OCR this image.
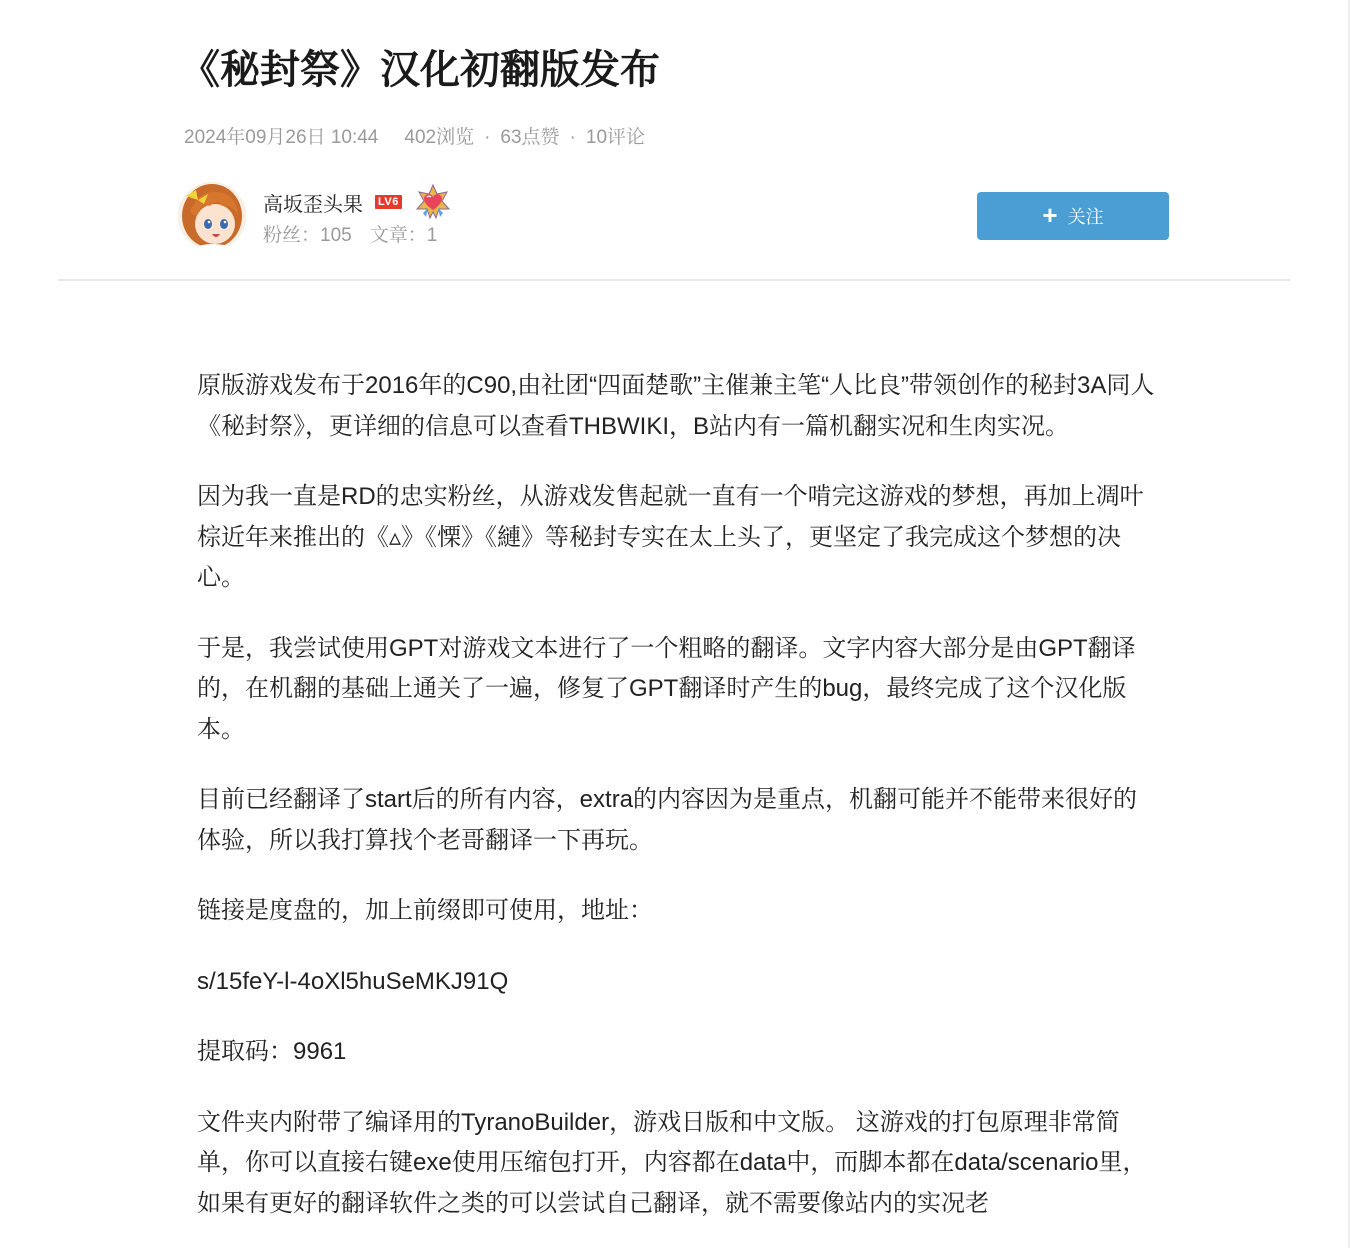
《秘封祭》汉化初翻版发布
2024年09月26日 10:44 402浏览 · 63点赞 · 10评论
高坂歪头果 LV6
粉丝：105 文章：1
+ 关注

原版游戏发布于2016年的C90,由社团“四面楚歌”主催兼主笔“人比良”带领创作的秘封3A同人《秘封祭》，更详细的信息可以查看THBWIKI，B站内有一篇机翻实况和生肉实况。

因为我一直是RD的忠实粉丝，从游戏发售起就一直有一个啃完这游戏的梦想，再加上凋叶棕近年来推出的《▵》《慄》《縺》等秘封专实在太上头了，更坚定了我完成这个梦想的决心。

于是，我尝试使用GPT对游戏文本进行了一个粗略的翻译。文字内容大部分是由GPT翻译的，在机翻的基础上通关了一遍，修复了GPT翻译时产生的bug，最终完成了这个汉化版本。

目前已经翻译了start后的所有内容，extra的内容因为是重点，机翻可能并不能带来很好的体验，所以我打算找个老哥翻译一下再玩。

链接是度盘的，加上前缀即可使用，地址：

s/15feY-l-4oXl5huSeMKJ91Q

提取码：9961

文件夹内附带了编译用的TyranoBuilder，游戏日版和中文版。 这游戏的打包原理非常简单，你可以直接右键exe使用压缩包打开，内容都在data中，而脚本都在data/scenario里，如果有更好的翻译软件之类的可以尝试自己翻译，就不需要像站内的实况老
